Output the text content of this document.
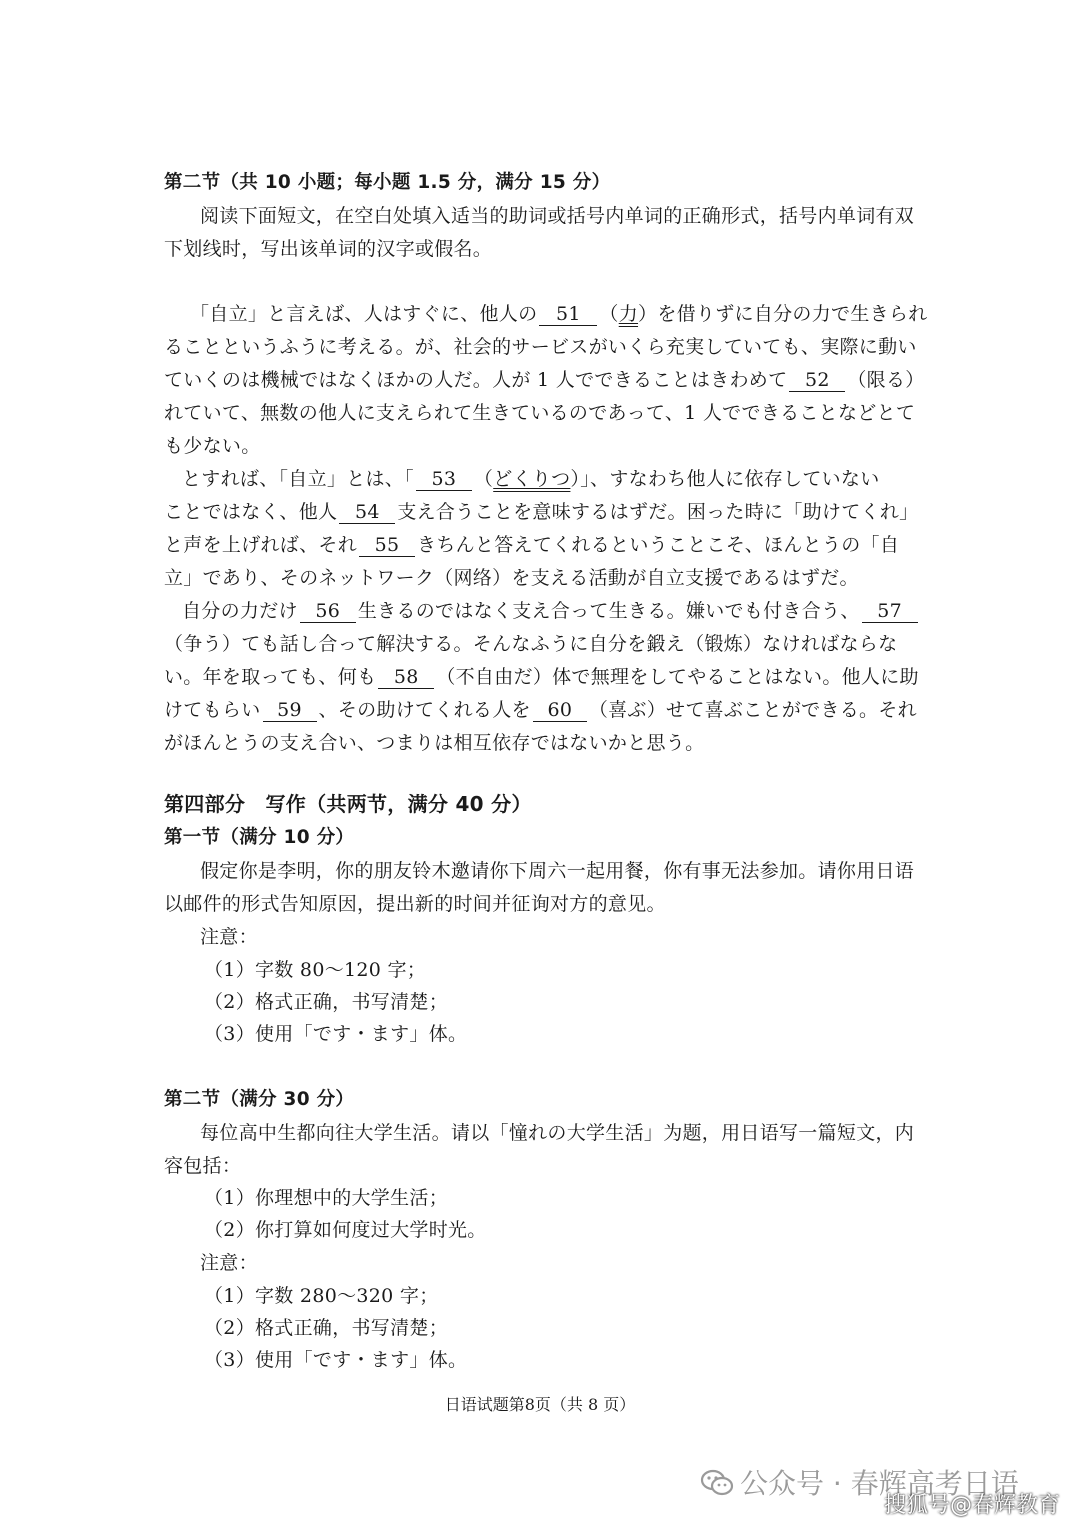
第二节（共 10 小题；每小题 1.5 分，满分 15 分）
阅读下面短文，在空白处填入适当的助词或括号内单词的正确形式，括号内单词有双
下划线时，写出该单词的汉字或假名。
「自立」と言えば、人はすぐに、他人の 51 （力）を借りずに自分の力で生きられ
ることというふうに考える。が、社会的サービスがいくら充実していても、実際に動い
ていくのは機械ではなくほかの人だ。人が 1 人でできることはきわめて 52 （限る）
れていて、無数の他人に支えられて生きているのであって、1 人でできることなどとて
も少ない。
とすれば、「自立」とは、「 53 （どくりつ）」、すなわち他人に依存していない
ことではなく、他人 54 支え合うことを意味するはずだ。困った時に「助けてくれ」
と声を上げれば、それ 55 きちんと答えてくれるということこそ、ほんとうの「自
立」であり、そのネットワーク（网络）を支える活動が自立支援であるはずだ。
自分の力だけ 56 生きるのではなく支え合って生きる。嫌いでも付き合う、 57
（争う）ても話し合って解決する。そんなふうに自分を鍛え（锻炼）なければならな
い。年を取っても、何も 58 （不自由だ）体で無理をしてやることはない。他人に助
けてもらい 59 、その助けてくれる人を 60 （喜ぶ）せて喜ぶことができる。それ
がほんとうの支え合い、つまりは相互依存ではないかと思う。
第四部分　写作（共两节，满分 40 分）
第一节（满分 10 分）
假定你是李明，你的朋友铃木邀请你下周六一起用餐，你有事无法参加。请你用日语
以邮件的形式告知原因，提出新的时间并征询对方的意见。
注意：
（1）字数 80～120 字；
（2）格式正确，书写清楚；
（3）使用「です・ます」体。
第二节（满分 30 分）
每位高中生都向往大学生活。请以「憧れの大学生活」为题，用日语写一篇短文，内
容包括：
（1）你理想中的大学生活；
（2）你打算如何度过大学时光。
注意：
（1）字数 280～320 字；
（2）格式正确，书写清楚；
（3）使用「です・ます」体。
日语试题第8页（共 8 页）
公众号 · 春辉高考日语
搜狐号@春辉教育
